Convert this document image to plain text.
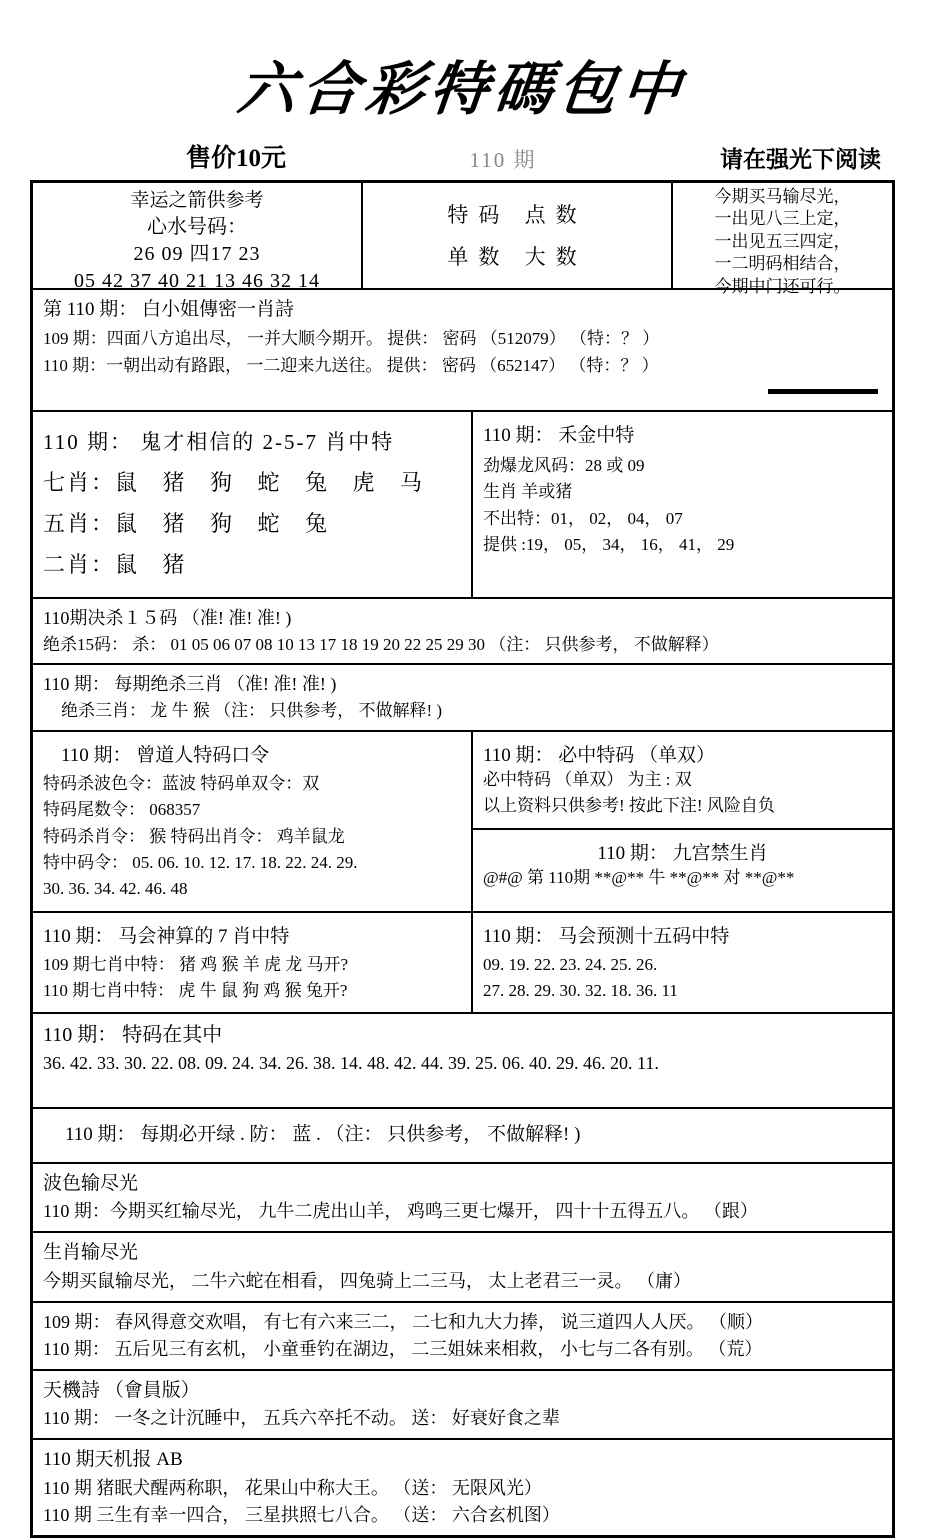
六合彩特碼包中
售价10元	110 期	请在强光下阅读
幸运之箭供参考
心水号码：
26 09 四17 23
05 42 37 40 21 13 46 32 14
特码 点数
单数 大数
今期买马输尽光，
一出见八三上定，
一出见五三四定，
一二明码相结合，
今期中门还可行。
第 110 期： 白小姐傳密一肖詩
109 期：四面八方追出尽， 一并大顺今期开。 提供： 密码 （512079） （特：？ ）
110 期：一朝出动有路跟， 一二迎来九送往。 提供： 密码 （652147） （特：？ ）
110 期： 鬼才相信的 2-5-7 肖中特
七肖：鼠 猪 狗 蛇 兔 虎 马
五肖：鼠 猪 狗 蛇 兔
二肖：鼠 猪
110 期： 禾金中特
劲爆龙风码：28 或 09
生肖 羊或猪
不出特：01， 02， 04， 07
提供 :19， 05， 34， 16， 41， 29
110期决杀１５码 （准! 准! 准! )
绝杀15码： 杀： 01 05 06 07 08 10 13 17 18 19 20 22 25 29 30 （注： 只供参考， 不做解释）
110 期： 每期绝杀三肖 （准! 准! 准! )
绝杀三肖： 龙 牛 猴 （注： 只供参考， 不做解释! )
110 期： 曾道人特码口令
特码杀波色令：蓝波 特码单双令：双
特码尾数令： 068357
特码杀肖令： 猴 特码出肖令： 鸡羊鼠龙
特中码令： 05. 06. 10. 12. 17. 18. 22. 24. 29.
30. 36. 34. 42. 46. 48
110 期： 必中特码 （单双）
必中特码 （单双） 为主 : 双
以上资料只供参考! 按此下注! 风险自负
110 期： 九宫禁生肖
@#@ 第 110期 **@** 牛 **@** 对 **@**
110 期： 马会神算的 7 肖中特
109 期七肖中特： 猪 鸡 猴 羊 虎 龙 马开?
110 期七肖中特： 虎 牛 鼠 狗 鸡 猴 兔开?
110 期： 马会预测十五码中特
09. 19. 22. 23. 24. 25. 26.
27. 28. 29. 30. 32. 18. 36. 11
110 期： 特码在其中
36. 42. 33. 30. 22. 08. 09. 24. 34. 26. 38. 14. 48. 42. 44. 39. 25. 06. 40. 29. 46. 20. 11.
110 期： 每期必开绿 . 防： 蓝 . （注： 只供参考， 不做解释! )
波色输尽光
110 期：今期买红输尽光， 九牛二虎出山羊， 鸡鸣三更七爆开， 四十十五得五八。 （跟）
生肖输尽光
今期买鼠输尽光， 二牛六蛇在相看， 四兔骑上二三马， 太上老君三一灵。 （庸）
109 期： 春风得意交欢唱， 有七有六来三二， 二七和九大力捧， 说三道四人人厌。 （顺）
110 期： 五后见三有玄机， 小童垂钓在湖边， 二三姐妹来相救， 小七与二各有别。 （荒）
天機詩 （會員版）
110 期： 一冬之计沉睡中， 五兵六卒托不动。 送： 好衰好食之辈
110 期天机报 AB
110 期 猪眠犬醒两称职， 花果山中称大王。 （送： 无限风光）
110 期 三生有幸一四合， 三星拱照七八合。 （送： 六合玄机图）
